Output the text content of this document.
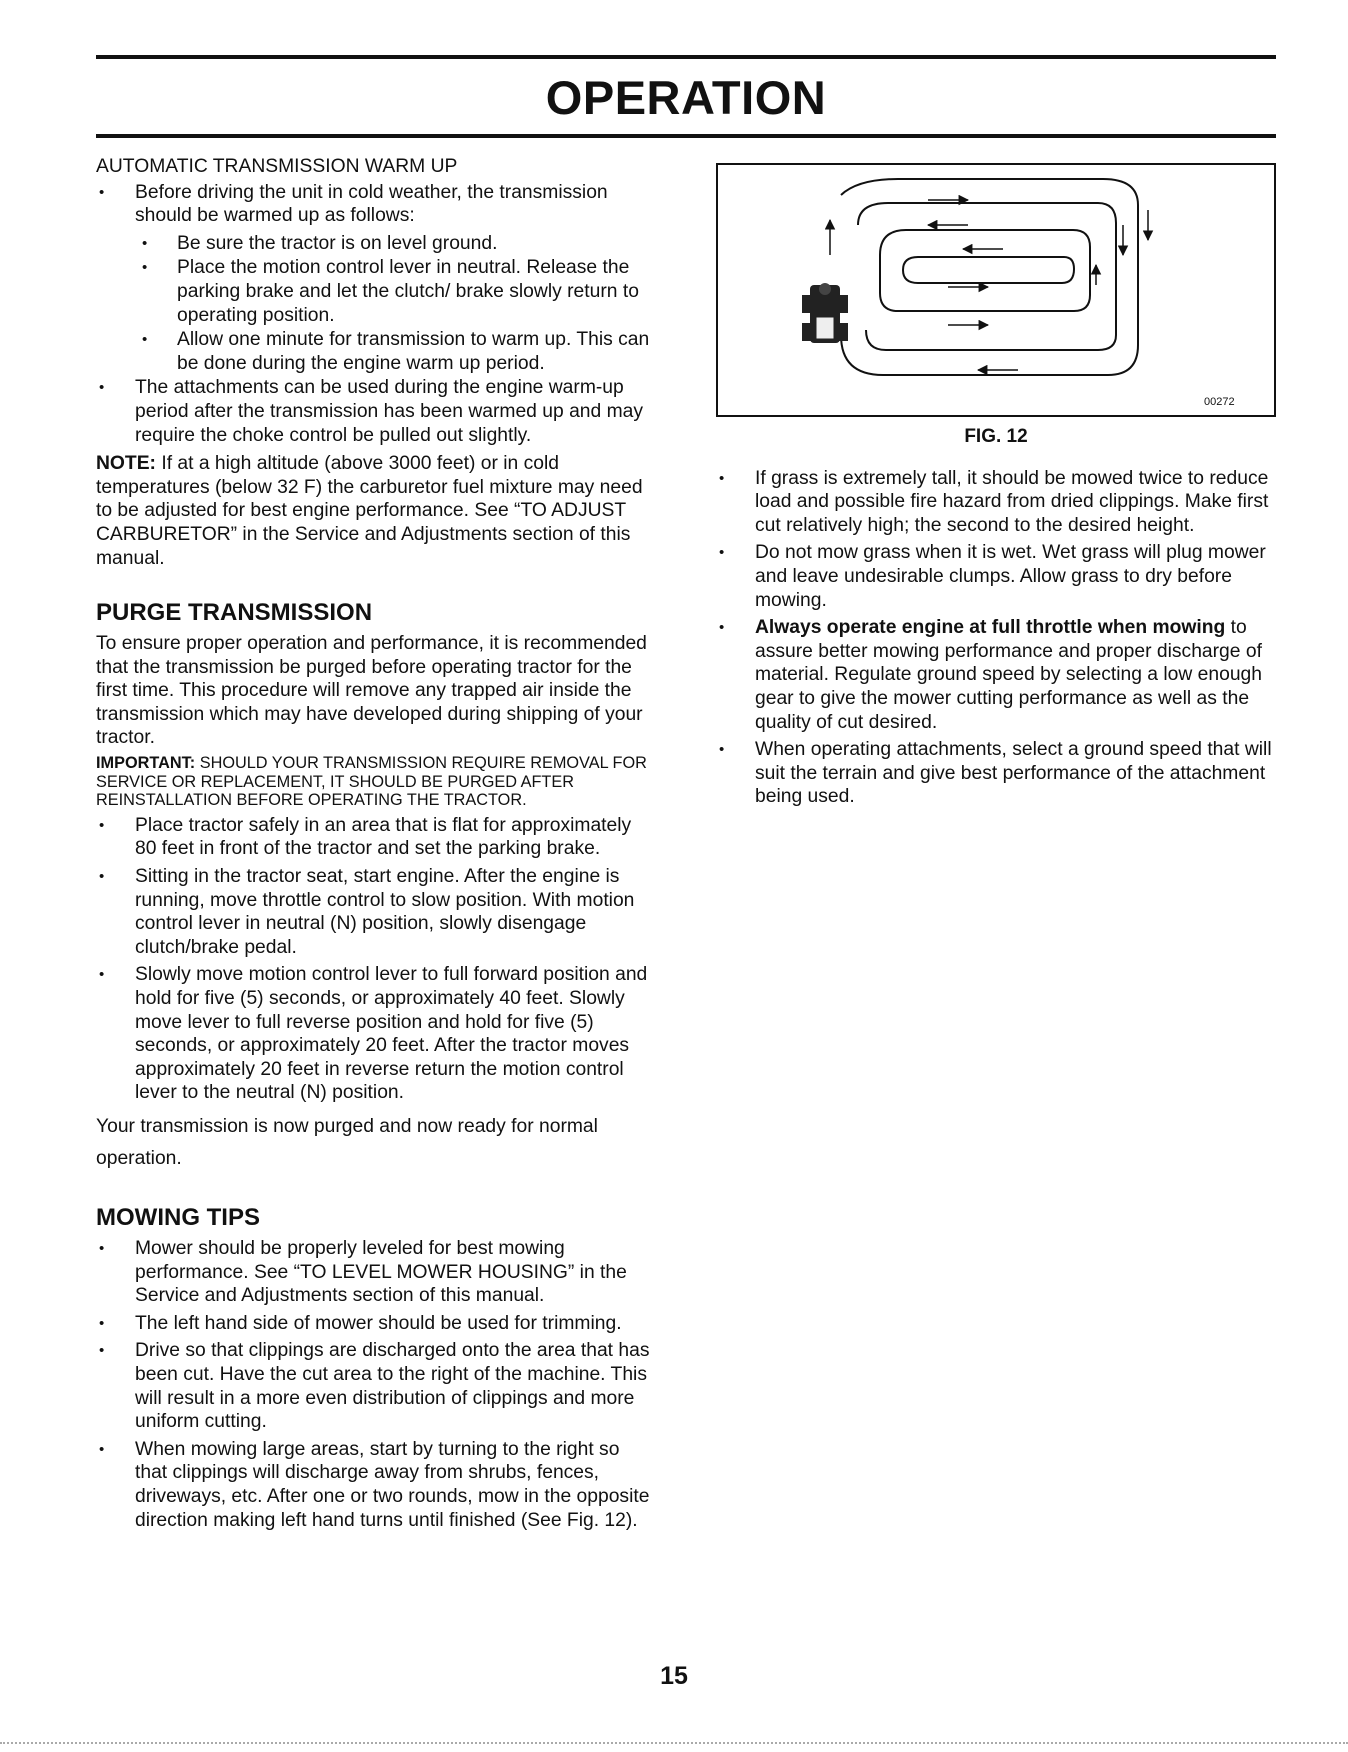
OPERATION

AUTOMATIC TRANSMISSION WARM UP

• Before driving the unit in cold weather, the transmission should be warmed up as follows:

• Be sure the tractor is on level ground.

• Place the motion control lever in neutral. Release the parking brake and let the clutch/ brake slowly return to operating position.

• Allow one minute for transmission to warm up. This can be done during the engine warm up period.

• The attachments can be used during the engine warm-up period after the transmission has been warmed up and may require the choke control be pulled out slightly.

NOTE: If at a high altitude (above 3000 feet) or in cold temperatures (below 32 F) the carburetor fuel mixture may need to be adjusted for best engine performance. See “TO ADJUST CARBURETOR” in the Service and Adjustments section of this manual.

PURGE TRANSMISSION

To ensure proper operation and performance, it is recommended that the transmission be purged before operating tractor for the first time. This procedure will remove any trapped air inside the transmission which may have developed during shipping of your tractor.

IMPORTANT: SHOULD YOUR TRANSMISSION REQUIRE REMOVAL FOR SERVICE OR REPLACEMENT, IT SHOULD BE PURGED AFTER REINSTALLATION BEFORE OPERATING THE TRACTOR.

• Place tractor safely in an area that is flat for approximately 80 feet in front of the tractor and set the parking brake.

• Sitting in the tractor seat, start engine. After the engine is running, move throttle control to slow position. With motion control lever in neutral (N) position, slowly disengage clutch/brake pedal.

• Slowly move motion control lever to full forward position and hold for five (5) seconds, or approximately 40 feet. Slowly move lever to full reverse position and hold for five (5) seconds, or approximately 20 feet. After the tractor moves approximately 20 feet in reverse return the motion control lever to the neutral (N) position.

Your transmission is now purged and now ready for normal operation.

MOWING TIPS

• Mower should be properly leveled for best mowing performance. See “TO LEVEL MOWER HOUSING” in the Service and Adjustments section of this manual.

• The left hand side of mower should be used for trimming.

• Drive so that clippings are discharged onto the area that has been cut. Have the cut area to the right of the machine. This will result in a more even distribution of clippings and more uniform cutting.

• When mowing large areas, start by turning to the right so that clippings will discharge away from shrubs, fences, driveways, etc. After one or two rounds, mow in the opposite direction making left hand turns until finished (See Fig. 12).

00272

FIG. 12

• If grass is extremely tall, it should be mowed twice to reduce load and possible fire hazard from dried clippings. Make first cut relatively high; the second to the desired height.

• Do not mow grass when it is wet. Wet grass will plug mower and leave undesirable clumps. Allow grass to dry before mowing.

• Always operate engine at full throttle when mowing to assure better mowing performance and proper discharge of material. Regulate ground speed by selecting a low enough gear to give the mower cutting performance as well as the quality of cut desired.

• When operating attachments, select a ground speed that will suit the terrain and give best performance of the attachment being used.

15
